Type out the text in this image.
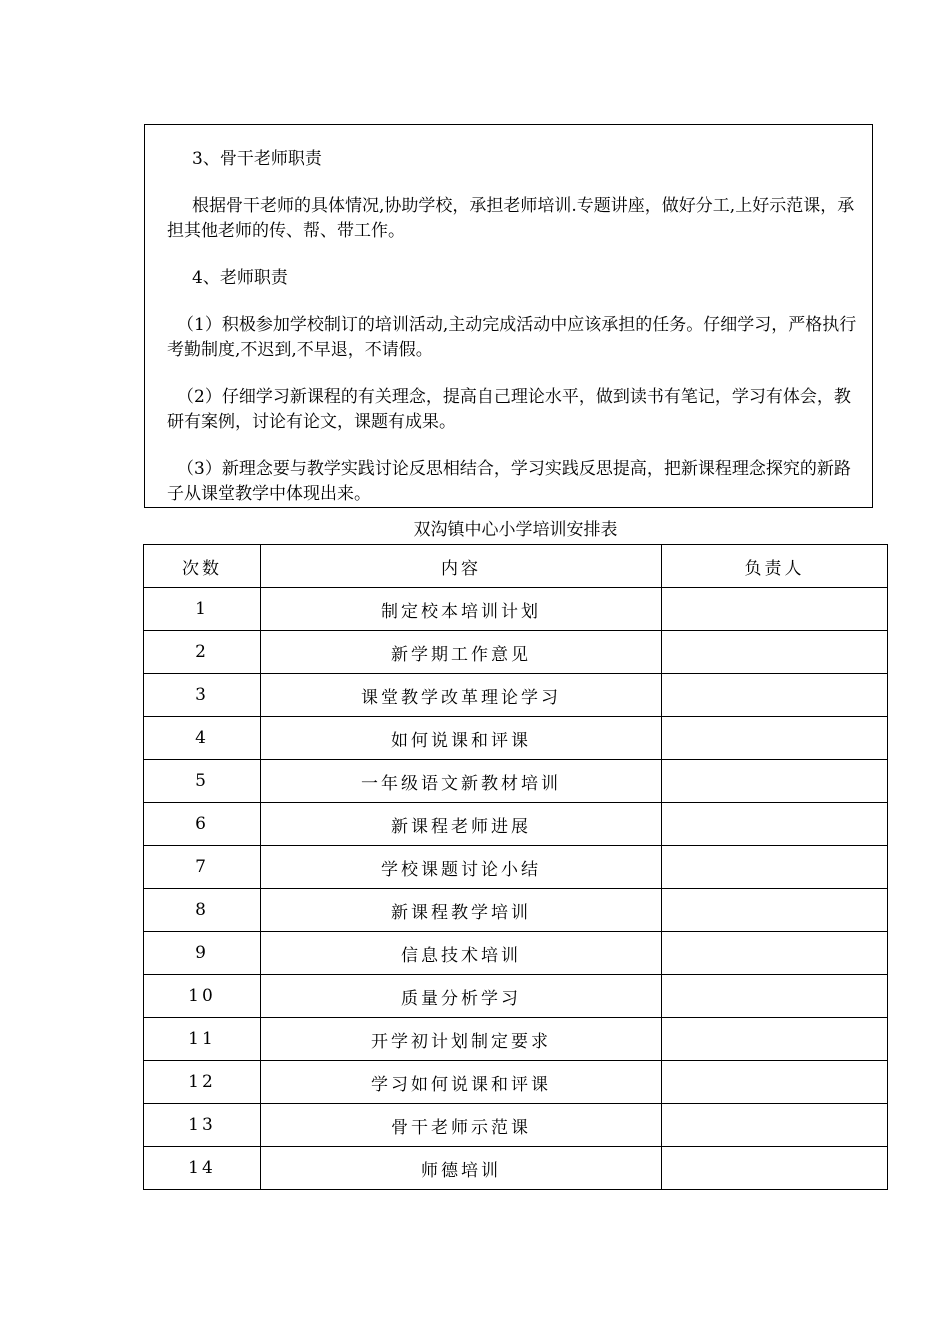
3、骨干老师职责

根据骨干老师的具体情况,协助学校，承担老师培训.专题讲座，做好分工,上好示范课，承担其他老师的传、帮、带工作。

4、老师职责

（1）积极参加学校制订的培训活动,主动完成活动中应该承担的任务。仔细学习，严格执行考勤制度,不迟到,不早退，不请假。

（2）仔细学习新课程的有关理念，提高自己理论水平，做到读书有笔记，学习有体会，教研有案例，讨论有论文，课题有成果。

（3）新理念要与教学实践讨论反思相结合，学习实践反思提高，把新课程理念探究的新路子从课堂教学中体现出来。

双沟镇中心小学培训安排表
次数	内容	负责人
1	制定校本培训计划	
2	新学期工作意见	
3	课堂教学改革理论学习	
4	如何说课和评课	
5	一年级语文新教材培训	
6	新课程老师进展	
7	学校课题讨论小结	
8	新课程教学培训	
9	信息技术培训	
10	质量分析学习	
11	开学初计划制定要求	
12	学习如何说课和评课	
13	骨干老师示范课	
14	师德培训	
